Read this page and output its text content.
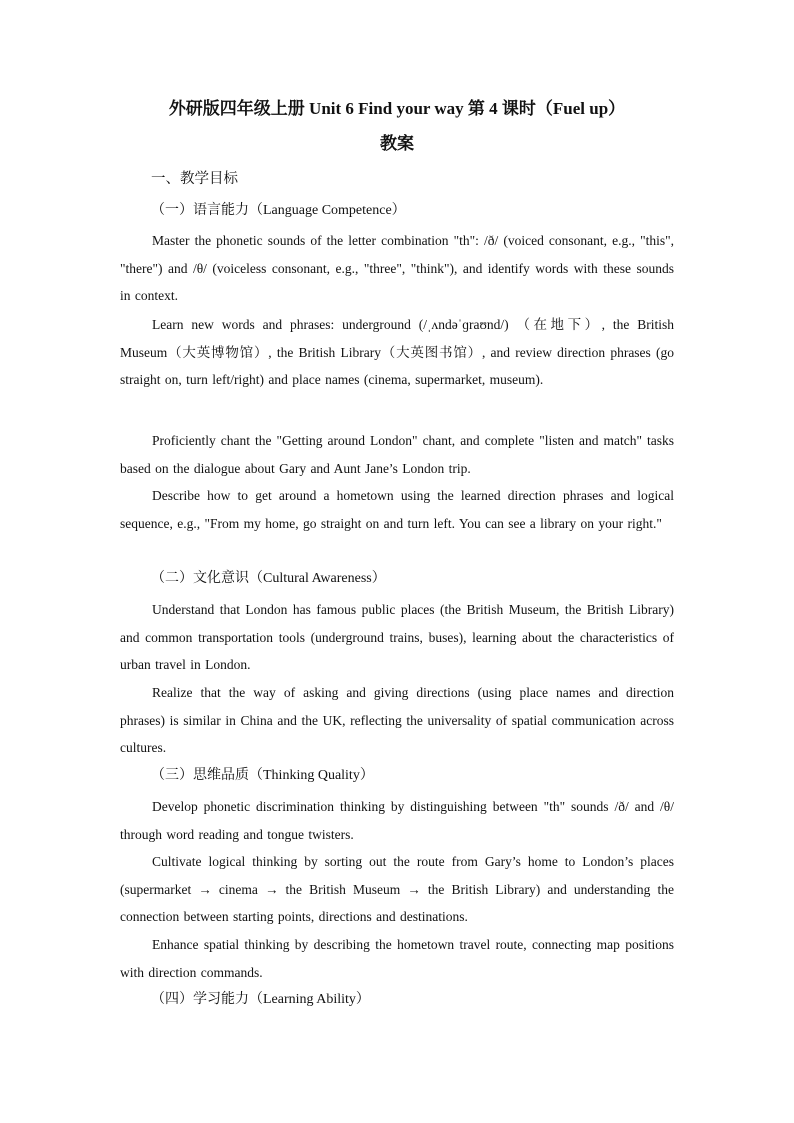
外研版四年级上册 Unit 6 Find your way 第 4 课时（Fuel up）
教案
一、教学目标
（一）语言能力（Language Competence）
Master the phonetic sounds of the letter combination "th": /ð/ (voiced consonant, e.g., "this", "there") and /θ/ (voiceless consonant, e.g., "three", "think"), and identify words with these sounds in context.
Learn new words and phrases: underground (/ˌʌndəˈɡraʊnd/) （在地下）, the British Museum（大英博物馆）, the British Library（大英图书馆）, and review direction phrases (go straight on, turn left/right) and place names (cinema, supermarket, museum).
Proficiently chant the "Getting around London" chant, and complete "listen and match" tasks based on the dialogue about Gary and Aunt Jane’s London trip.
Describe how to get around a hometown using the learned direction phrases and logical sequence, e.g., "From my home, go straight on and turn left. You can see a library on your right."
（二）文化意识（Cultural Awareness）
Understand that London has famous public places (the British Museum, the British Library) and common transportation tools (underground trains, buses), learning about the characteristics of urban travel in London.
Realize that the way of asking and giving directions (using place names and direction phrases) is similar in China and the UK, reflecting the universality of spatial communication across cultures.
（三）思维品质（Thinking Quality）
Develop phonetic discrimination thinking by distinguishing between "th" sounds /ð/ and /θ/ through word reading and tongue twisters.
Cultivate logical thinking by sorting out the route from Gary’s home to London’s places (supermarket → cinema → the British Museum → the British Library) and understanding the connection between starting points, directions and destinations.
Enhance spatial thinking by describing the hometown travel route, connecting map positions with direction commands.
（四）学习能力（Learning Ability）
